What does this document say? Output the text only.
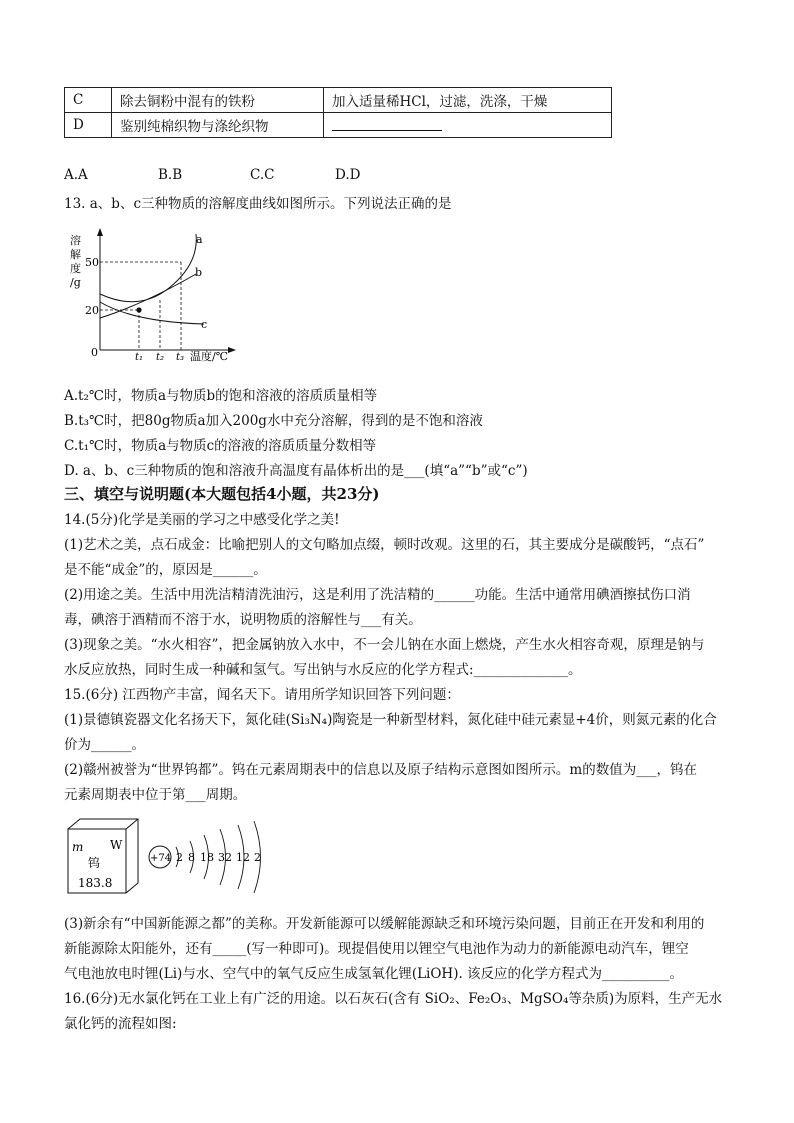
C	除去铜粉中混有的铁粉	加入适量稀HCl，过滤，洗涤，干燥
D	鉴别纯棉织物与涤纶织物	
A.A	B.B	C.C	D.D
13. a、b、c三种物质的溶解度曲线如图所示。下列说法正确的是
溶
解
度
/g
50
20
0	t₁ t₂ t₃ 温度/℃
a
b
c
A.t₂℃时，物质a与物质b的饱和溶液的溶质质量相等
B.t₃℃时，把80g物质a加入200g水中充分溶解，得到的是不饱和溶液
C.t₁℃时，物质a与物质c的溶液的溶质质量分数相等
D. a、b、c三种物质的饱和溶液升高温度有晶体析出的是___(填“a”“b”或“c”)
三、填空与说明题(本大题包括4小题，共23分)
14.(5分)化学是美丽的学习之中感受化学之美!
(1)艺术之美，点石成金：比喻把别人的文句略加点缀，顿时改观。这里的石，其主要成分是碳酸钙，“点石”
是不能“成金”的，原因是______。
(2)用途之美。生活中用洗洁精清洗油污，这是利用了洗洁精的______功能。生活中通常用碘酒擦拭伤口消
毒，碘溶于酒精而不溶于水，说明物质的溶解性与___有关。
(3)现象之美。“水火相容”，把金属钠放入水中，不一会儿钠在水面上燃烧，产生水火相容奇观，原理是钠与
水反应放热，同时生成一种碱和氢气。写出钠与水反应的化学方程式:______________。
15.(6分) 江西物产丰富，闻名天下。请用所学知识回答下列问题：
(1)景德镇瓷器文化名扬天下，氮化硅(Si₃N₄)陶瓷是一种新型材料，氮化硅中硅元素显+4价，则氮元素的化合
价为______。
(2)赣州被誉为“世界钨都”。钨在元素周期表中的信息以及原子结构示意图如图所示。m的数值为___，钨在
元素周期表中位于第___周期。
m W
钨
183.8
+74 2 8 18 32 12 2
(3)新余有“中国新能源之都”的美称。开发新能源可以缓解能源缺乏和环境污染问题，目前正在开发和利用的
新能源除太阳能外，还有_____(写一种即可)。现提倡使用以锂空气电池作为动力的新能源电动汽车，锂空
气电池放电时锂(Li)与水、空气中的氧气反应生成氢氧化锂(LiOH). 该反应的化学方程式为__________。
16.(6分)无水氯化钙在工业上有广泛的用途。以石灰石(含有 SiO₂、Fe₂O₃、MgSO₄等杂质)为原料，生产无水
氯化钙的流程如图:
